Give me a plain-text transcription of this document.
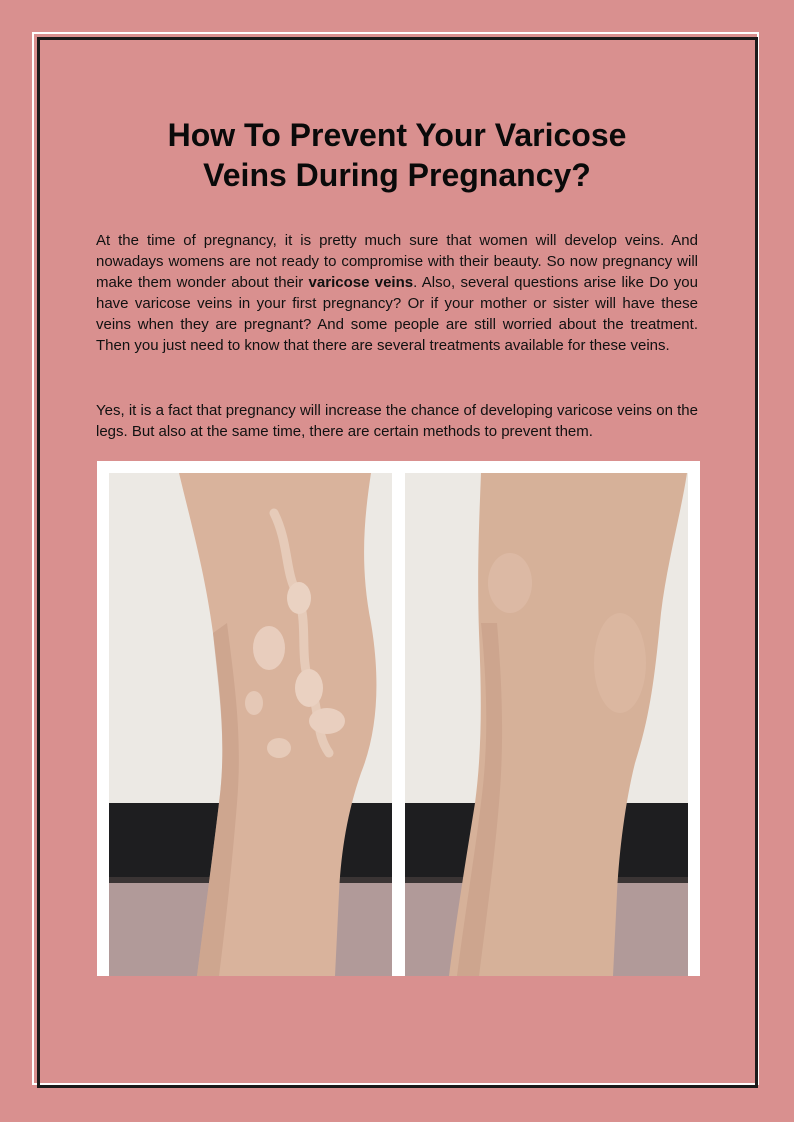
How To Prevent Your Varicose
Veins During Pregnancy?

At the time of pregnancy, it is pretty much sure that women will develop veins. And nowadays womens are not ready to compromise with their beauty. So now pregnancy will make them wonder about their varicose veins. Also, several questions arise like Do you have varicose veins in your first pregnancy? Or if your mother or sister will have these veins when they are pregnant? And some people are still worried about the treatment. Then you just need to know that there are several treatments available for these veins.

Yes, it is a fact that pregnancy will increase the chance of developing varicose veins on the legs. But also at the same time, there are certain methods to prevent them.
